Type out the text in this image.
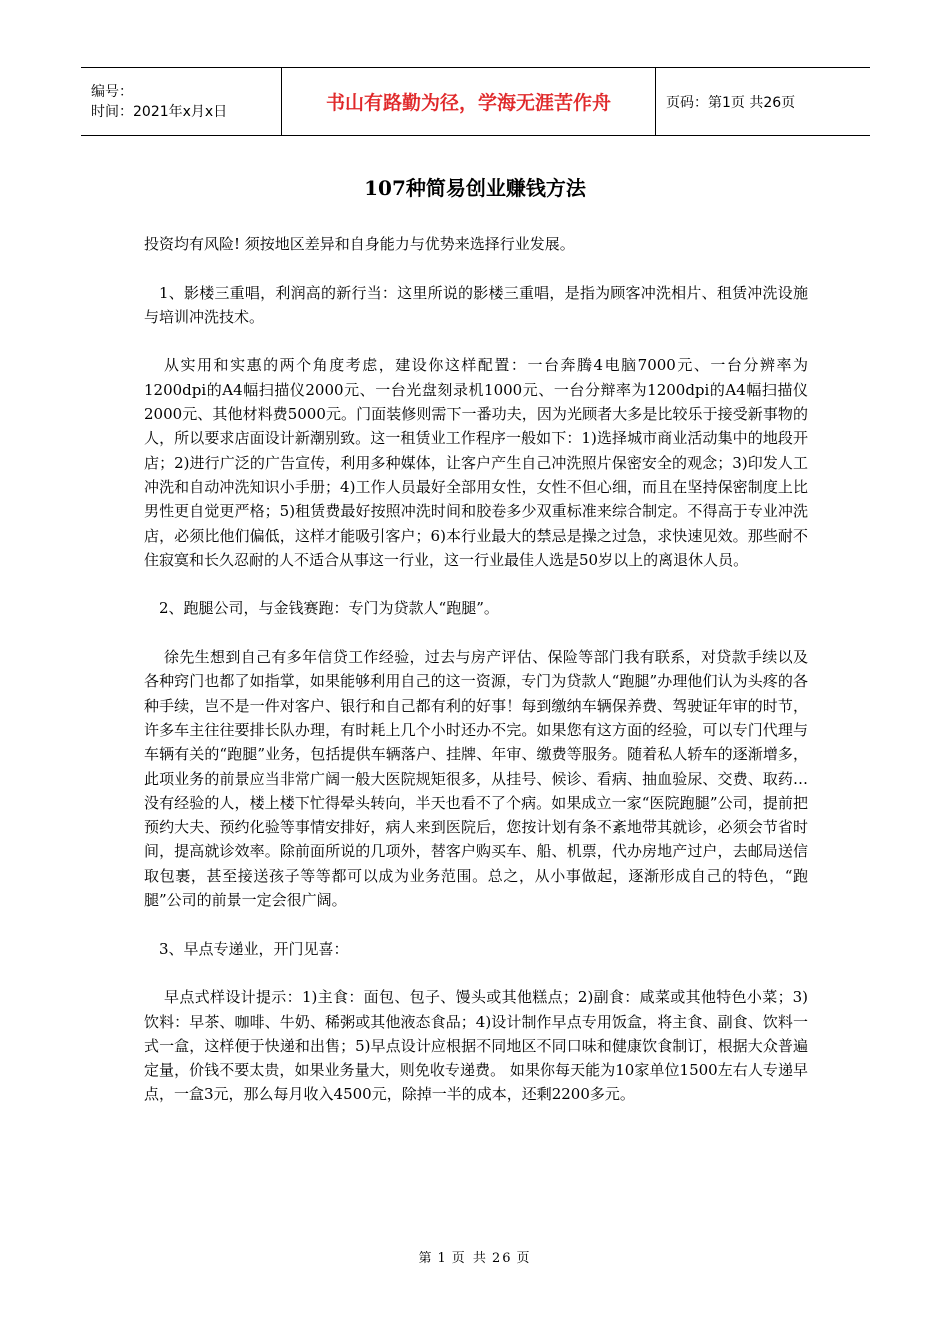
编号：
时间：2021年x月x日	书山有路勤为径，学海无涯苦作舟	页码：第1页 共26页
107种简易创业赚钱方法

投资均有风险! 须按地区差异和自身能力与优势来选择行业发展。

1、影楼三重唱，利润高的新行当：这里所说的影楼三重唱，是指为顾客冲洗相片、租赁冲洗设施与培训冲洗技术。

从实用和实惠的两个角度考虑，建设你这样配置：一台奔腾4电脑7000元、一台分辨率为1200dpi的A4幅扫描仪2000元、一台光盘刻录机1000元、一台分辩率为1200dpi的A4幅扫描仪2000元、其他材料费5000元。门面装修则需下一番功夫，因为光顾者大多是比较乐于接受新事物的人，所以要求店面设计新潮别致。这一租赁业工作程序一般如下：1)选择城市商业活动集中的地段开店；2)进行广泛的广告宣传，利用多种媒体，让客户产生自己冲洗照片保密安全的观念；3)印发人工冲洗和自动冲洗知识小手册；4)工作人员最好全部用女性，女性不但心细，而且在坚持保密制度上比男性更自觉更严格；5)租赁费最好按照冲洗时间和胶卷多少双重标准来综合制定。不得高于专业冲洗店，必须比他们偏低，这样才能吸引客户；6)本行业最大的禁忌是操之过急，求快速见效。那些耐不住寂寞和长久忍耐的人不适合从事这一行业，这一行业最佳人选是50岁以上的离退休人员。

2、跑腿公司，与金钱赛跑：专门为贷款人“跑腿”。

徐先生想到自己有多年信贷工作经验，过去与房产评估、保险等部门我有联系，对贷款手续以及各种窍门也都了如指掌，如果能够利用自己的这一资源，专门为贷款人“跑腿”办理他们认为头疼的各种手续，岂不是一件对客户、银行和自己都有利的好事！每到缴纳车辆保养费、驾驶证年审的时节，许多车主往往要排长队办理，有时耗上几个小时还办不完。如果您有这方面的经验，可以专门代理与车辆有关的“跑腿”业务，包括提供车辆落户、挂牌、年审、缴费等服务。随着私人轿车的逐渐增多，此项业务的前景应当非常广阔一般大医院规矩很多，从挂号、候诊、看病、抽血验尿、交费、取药…没有经验的人，楼上楼下忙得晕头转向，半天也看不了个病。如果成立一家“医院跑腿”公司，提前把预约大夫、预约化验等事情安排好，病人来到医院后，您按计划有条不紊地带其就诊，必须会节省时间，提高就诊效率。除前面所说的几项外，替客户购买车、船、机票，代办房地产过户，去邮局送信取包裹，甚至接送孩子等等都可以成为业务范围。总之，从小事做起，逐渐形成自己的特色，“跑腿”公司的前景一定会很广阔。

3、早点专递业，开门见喜：

早点式样设计提示：1)主食：面包、包子、馒头或其他糕点；2)副食：咸菜或其他特色小菜；3)饮料：早茶、咖啡、牛奶、稀粥或其他液态食品；4)设计制作早点专用饭盒，将主食、副食、饮料一式一盒，这样便于快递和出售；5)早点设计应根据不同地区不同口味和健康饮食制订，根据大众普遍定量，价钱不要太贵，如果业务量大，则免收专递费。 如果你每天能为10家单位1500左右人专递早点，一盒3元，那么每月收入4500元，除掉一半的成本，还剩2200多元。

第 1 页 共 26 页
